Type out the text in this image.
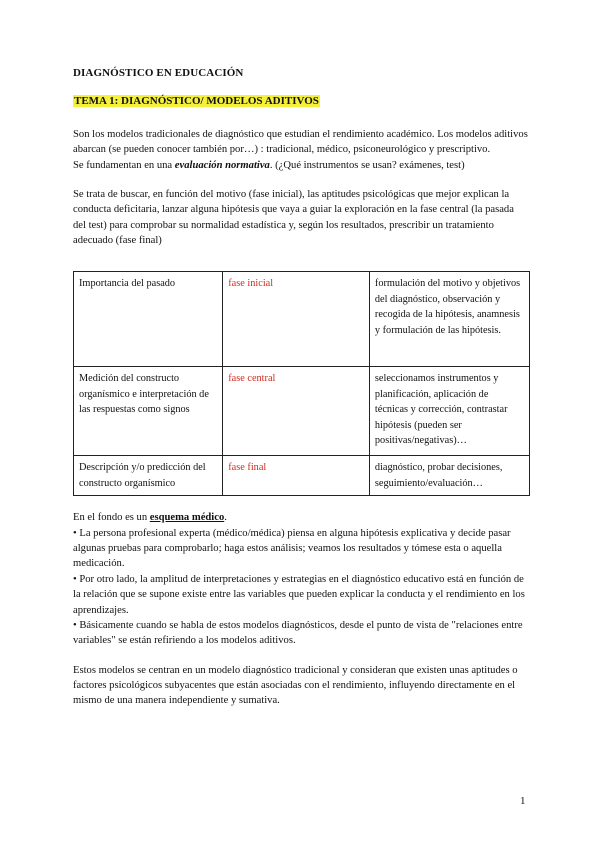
DIAGNÓSTICO EN EDUCACIÓN
TEMA 1: DIAGNÓSTICO/ MODELOS ADITIVOS

Son los modelos tradicionales de diagnóstico que estudian el rendimiento académico. Los modelos aditivos abarcan (se pueden conocer también por…) : tradicional, médico, psiconeurológico y prescriptivo.

Se fundamentan en una evaluación normativa. (¿Qué instrumentos se usan? exámenes, test)

Se trata de buscar, en función del motivo (fase inicial), las aptitudes psicológicas que mejor explican la conducta deficitaria, lanzar alguna hipótesis que vaya a guiar la exploración en la fase central (la pasada del test) para comprobar su normalidad estadística y, según los resultados, prescribir un tratamiento adecuado (fase final)

Importancia del pasado	fase inicial	formulación del motivo y objetivos del diagnóstico, observación y recogida de la hipótesis, anamnesis y formulación de las hipótesis.
Medición del constructo organísmico e interpretación de las respuestas como signos	fase central	seleccionamos instrumentos y planificación, aplicación de técnicas y corrección, contrastar hipótesis (pueden ser positivas/negativas)…
Descripción y/o predicción del constructo organísmico	fase final	diagnóstico, probar decisiones, seguimiento/evaluación…

En el fondo es un esquema médico.

• La persona profesional experta (médico/médica) piensa en alguna hipótesis explicativa y decide pasar algunas pruebas para comprobarlo; haga estos análisis; veamos los resultados y tómese esta o aquella medicación.

• Por otro lado, la amplitud de interpretaciones y estrategias en el diagnóstico educativo está en función de la relación que se supone existe entre las variables que pueden explicar la conducta y el rendimiento en los aprendizajes.

• Básicamente cuando se habla de estos modelos diagnósticos, desde el punto de vista de "relaciones entre variables" se están refiriendo a los modelos aditivos.

Estos modelos se centran en un modelo diagnóstico tradicional y consideran que existen unas aptitudes o factores psicológicos subyacentes que están asociadas con el rendimiento, influyendo directamente en el mismo de una manera independiente y sumativa.

1
